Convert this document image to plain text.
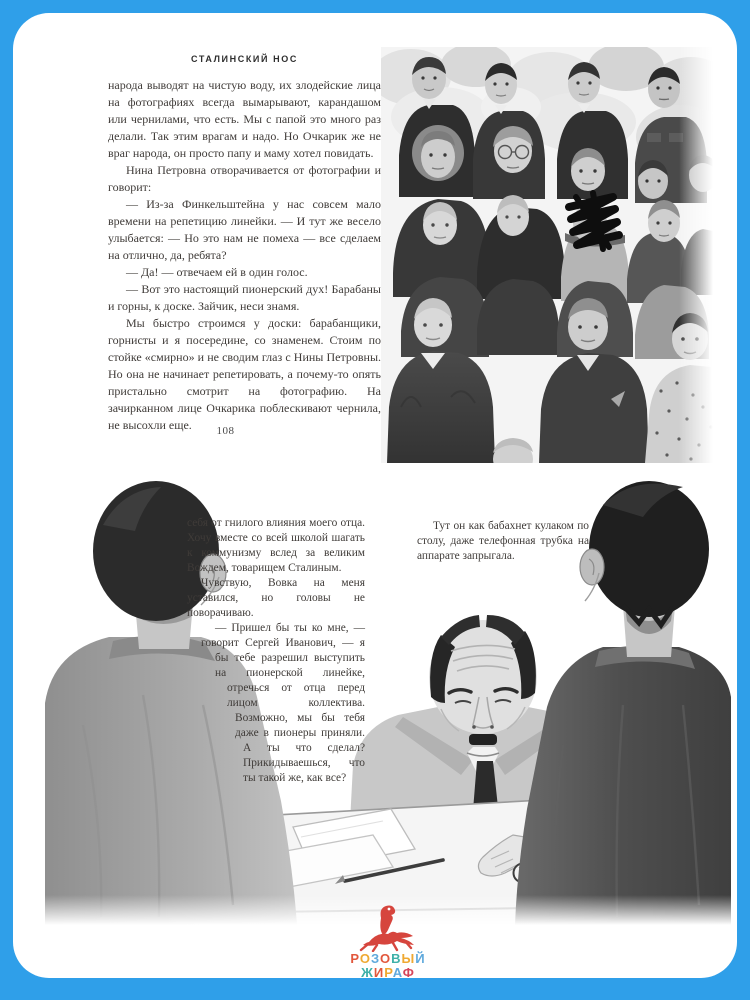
СТАЛИНСКИЙ НОС

народа выводят на чистую воду, их злодейские лица на фотографиях всегда вымарывают, карандашом или чернилами, что есть. Мы с папой это много раз делали. Так этим врагам и надо. Но Очкарик же не враг народа, он просто папу и маму хотел повидать.

Нина Петровна отворачивается от фотографии и говорит:

— Из-за Финкельштейна у нас совсем мало времени на репетицию линейки. — И тут же весело улыбается: — Но это нам не помеха — все сделаем на отлично, да, ребята?

— Да! — отвечаем ей в один голос.

— Вот это настоящий пионерский дух! Барабаны и горны, к доске. Зайчик, неси знамя.

Мы быстро строимся у доски: барабанщики, горнисты и я посередине, со знаменем. Стоим по стойке «смирно» и не сводим глаз с Нины Петровны. Но она не начинает репетировать, а почему-то опять пристально смотрит на фотографию. На зачирканном лице Очкарика поблескивают чернила, не высохли еще.	108

себя от гнилого влияния моего отца. Хочу вместе со всей школой шагать к коммунизму вслед за великим Вождем, товарищем Сталиным.

Чувствую, Вовка на меня уставился, но головы не поворачиваю.

— Пришел бы ты ко мне, — говорит Сергей Иванович, — я бы тебе разрешил выступить на пионерской линейке, отречься от отца перед лицом коллектива. Возможно, мы бы тебя даже в пионеры приняли. А ты что сделал? Прикидываешься, что ты такой же, как все?

Тут он как бабахнет кулаком по столу, даже телефонная трубка на аппарате запрыгала.

РОЗОВЫЙ
ЖИРАФ
